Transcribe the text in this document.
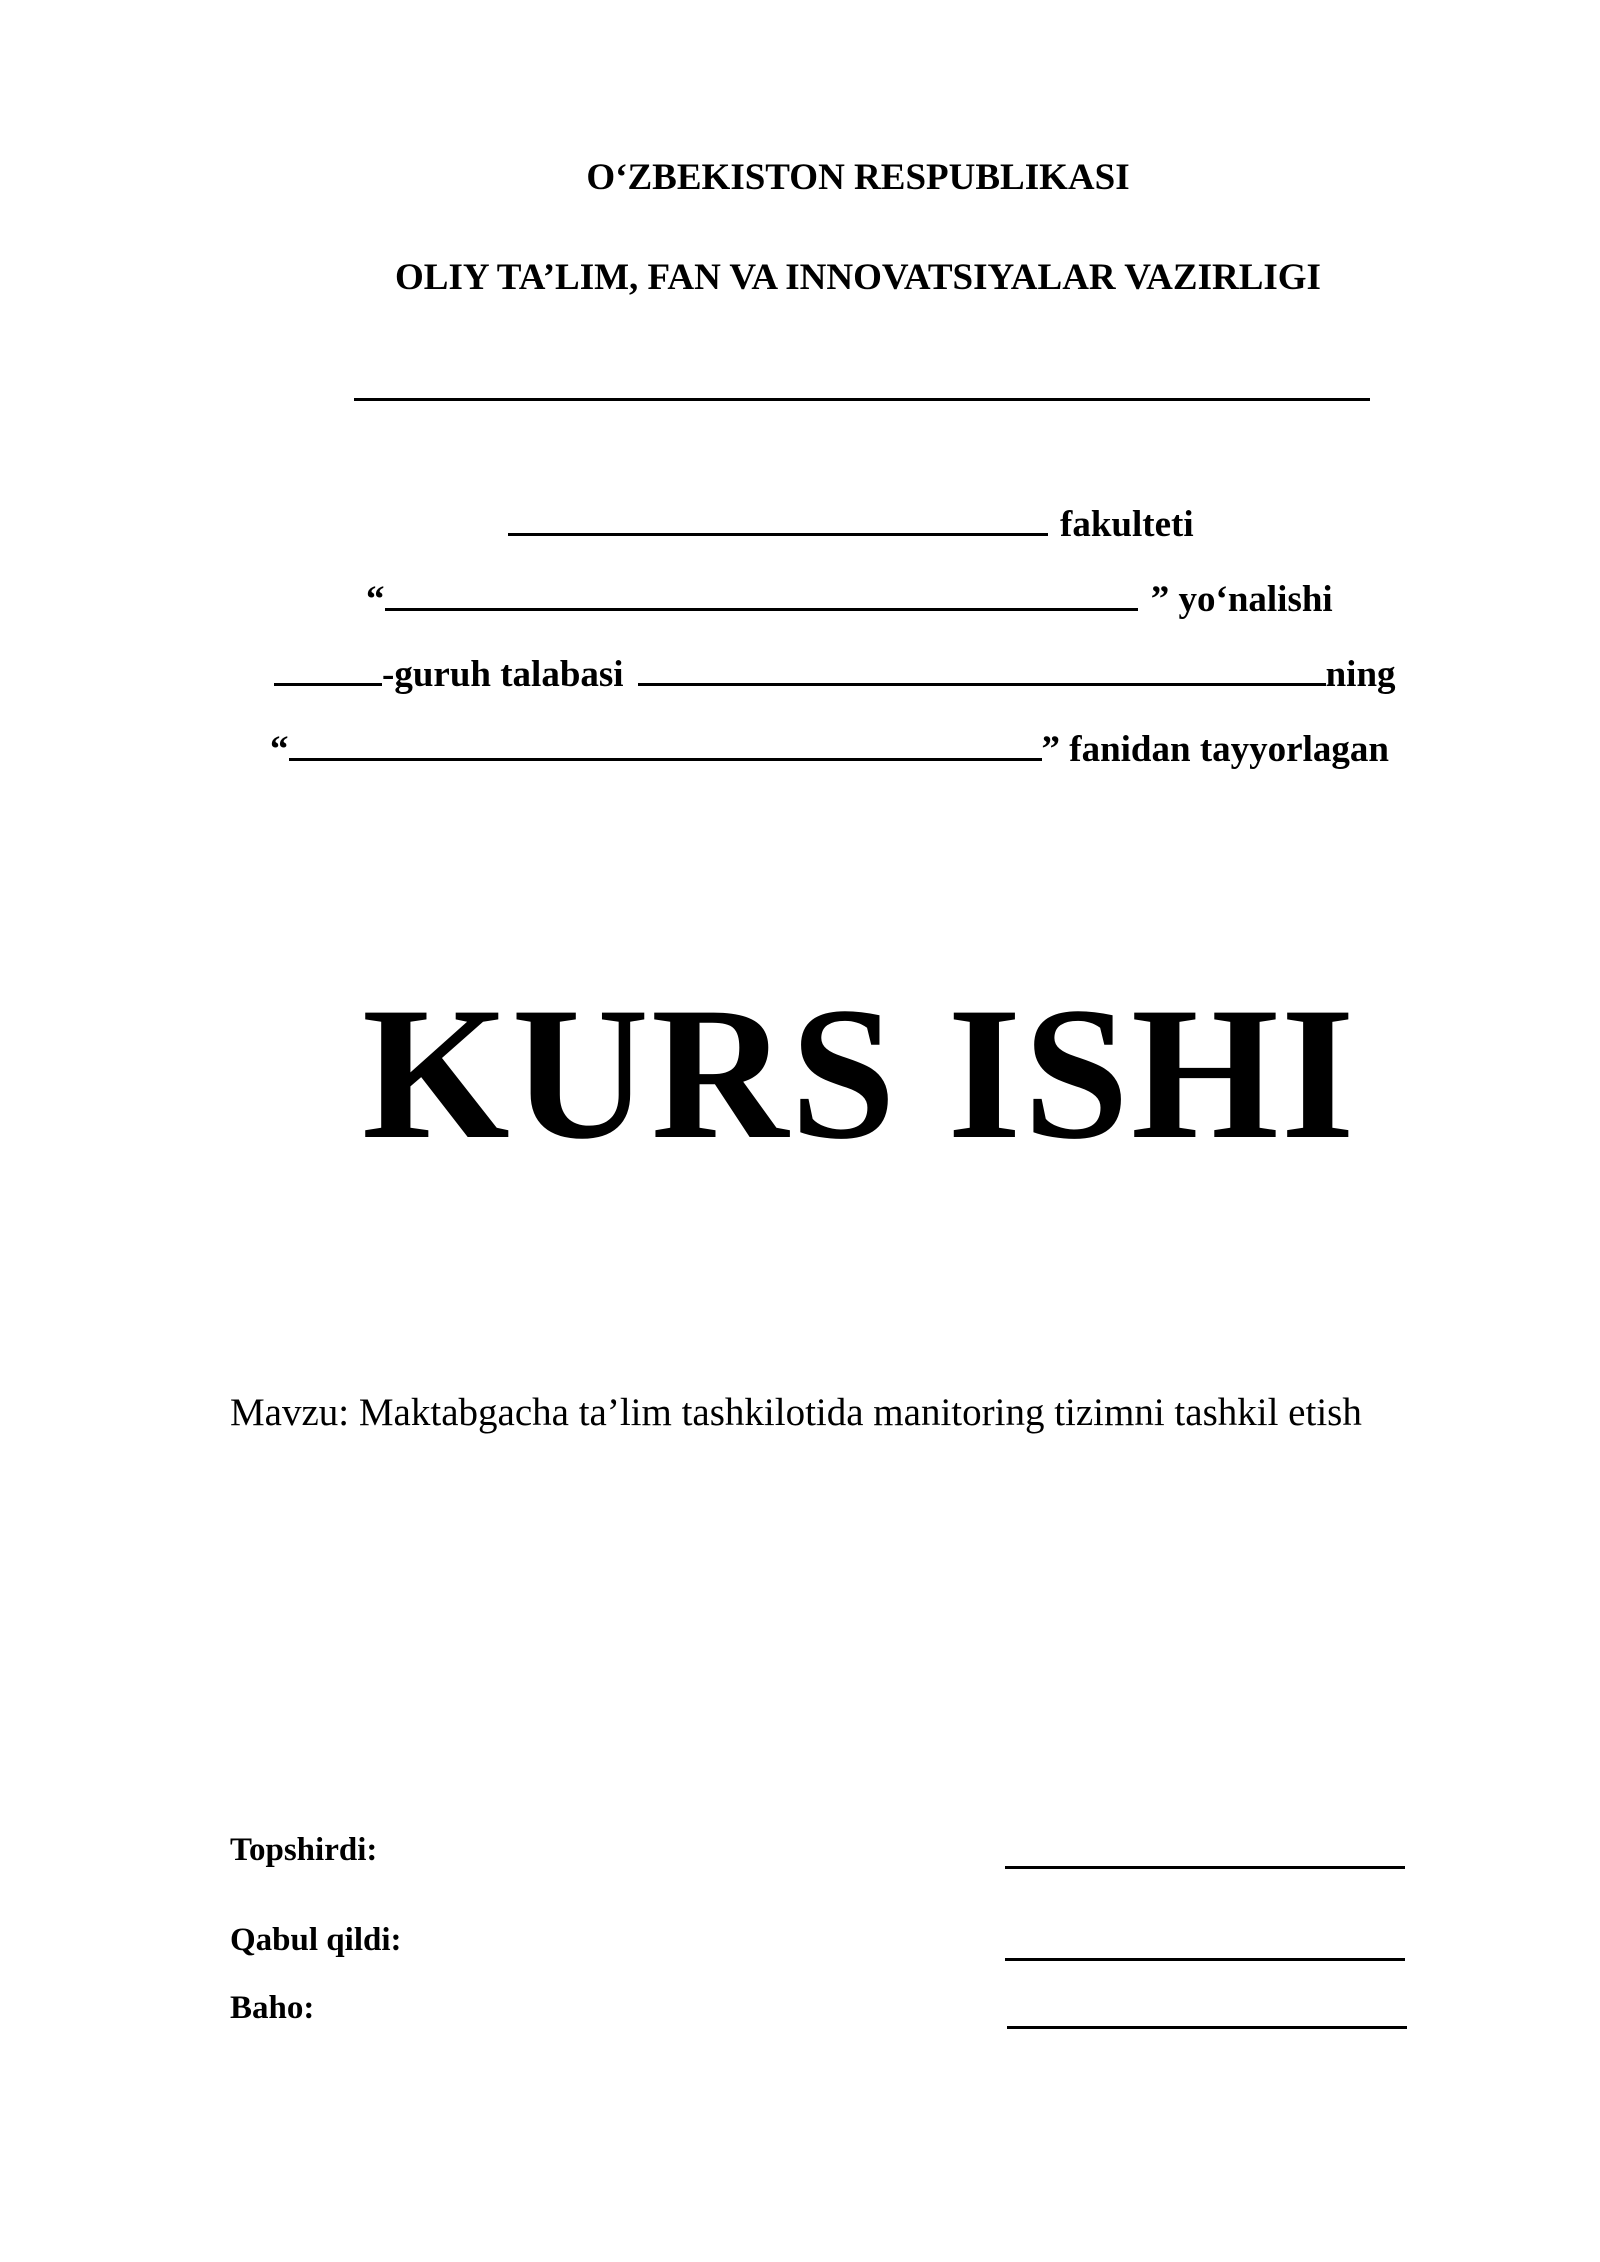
O‘ZBEKISTON RESPUBLIKASI
OLIY TA’LIM, FAN VA INNOVATSIYALAR VAZIRLIGI
fakulteti
“	” yo‘nalishi
-guruh talabasi	ning
“	” fanidan tayyorlagan
KURS ISHI
Mavzu: Maktabgacha ta’lim tashkilotida manitoring tizimni tashkil etish
Topshirdi:
Qabul qildi:
Baho:
